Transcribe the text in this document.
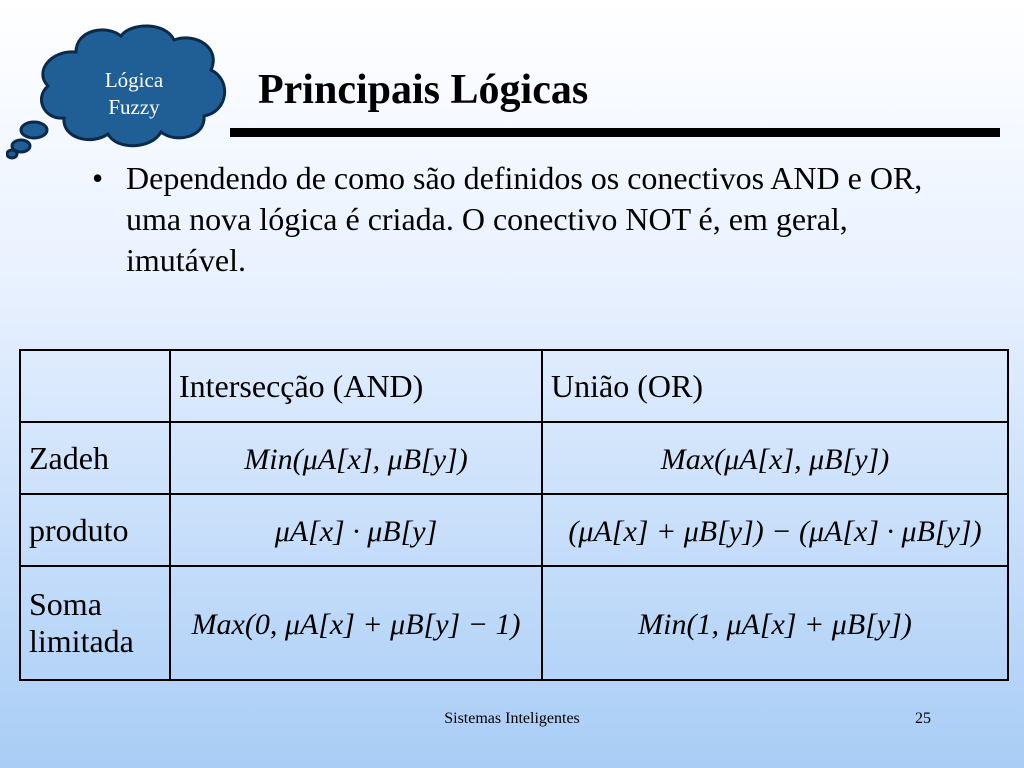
Lógica
Fuzzy	Principais Lógicas
• Dependendo de como são definidos os conectivos AND e OR, uma nova lógica é criada. O conectivo NOT é, em geral, imutável.
	Intersecção (AND)	União (OR)
Zadeh	Min(μA[x], μB[y])	Max(μA[x], μB[y])
produto	μA[x] · μB[y]	(μA[x] + μB[y]) − (μA[x] · μB[y])
Soma limitada	Max(0, μA[x] + μB[y] − 1)	Min(1, μA[x] + μB[y])
Sistemas Inteligentes	25
